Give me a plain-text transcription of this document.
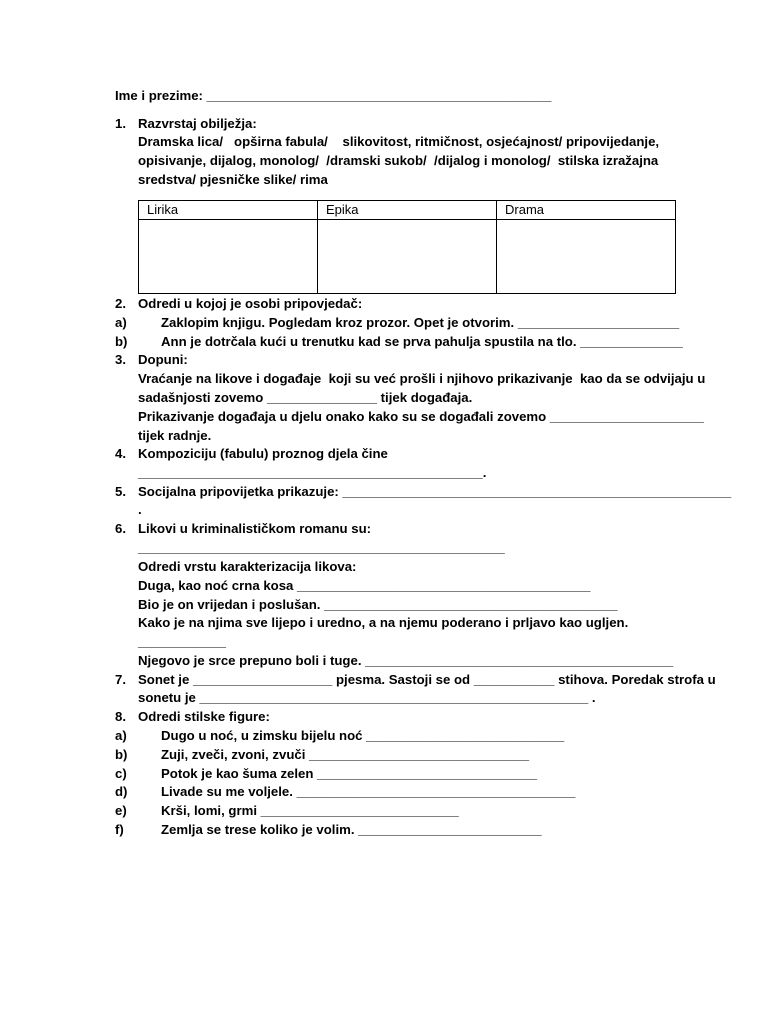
Ime i prezime: _______________________________________________
1. Razvrstaj obilježja:
Dramska lica/   opširna fabula/    slikovitost, ritmičnost, osjećajnost/ pripovijedanje,
opisivanje, dijalog, monolog/  /dramski sukob/  /dijalog i monolog/  stilska izražajna
sredstva/ pjesničke slike/ rima
Lirika	Epika	Drama

2. Odredi u kojoj je osobi pripovjedač:
a)	Zaklopim knjigu. Pogledam kroz prozor. Opet je otvorim. ______________________
b)	Ann je dotrčala kući u trenutku kad se prva pahulja spustila na tlo. ______________
3. Dopuni:
Vraćanje na likove i događaje  koji su već prošli i njihovo prikazivanje  kao da se odvijaju u
sadašnjosti zovemo _______________ tijek događaja.
Prikazivanje događaja u djelu onako kako su se događali zovemo _____________________
tijek radnje.
4. Kompoziciju (fabulu) proznog djela čine
_______________________________________________.
5. Socijalna pripovijetka prikazuje: _____________________________________________________
.
6. Likovi u kriminalističkom romanu su:
__________________________________________________
Odredi vrstu karakterizacija likova:
Duga, kao noć crna kosa ________________________________________
Bio je on vrijedan i poslušan. ________________________________________
Kako je na njima sve lijepo i uredno, a na njemu poderano i prljavo kao ugljen.
____________
Njegovo je srce prepuno boli i tuge. __________________________________________
7. Sonet je ___________________ pjesma. Sastoji se od ___________ stihova. Poredak strofa u
sonetu je _____________________________________________________ .
8. Odredi stilske figure:
a)	Dugo u noć, u zimsku bijelu noć ___________________________
b)	Zuji, zveči, zvoni, zvuči ______________________________
c)	Potok je kao šuma zelen ______________________________
d)	Livade su me voljele. ______________________________________
e)	Krši, lomi, grmi ___________________________
f)	Zemlja se trese koliko je volim. _________________________
